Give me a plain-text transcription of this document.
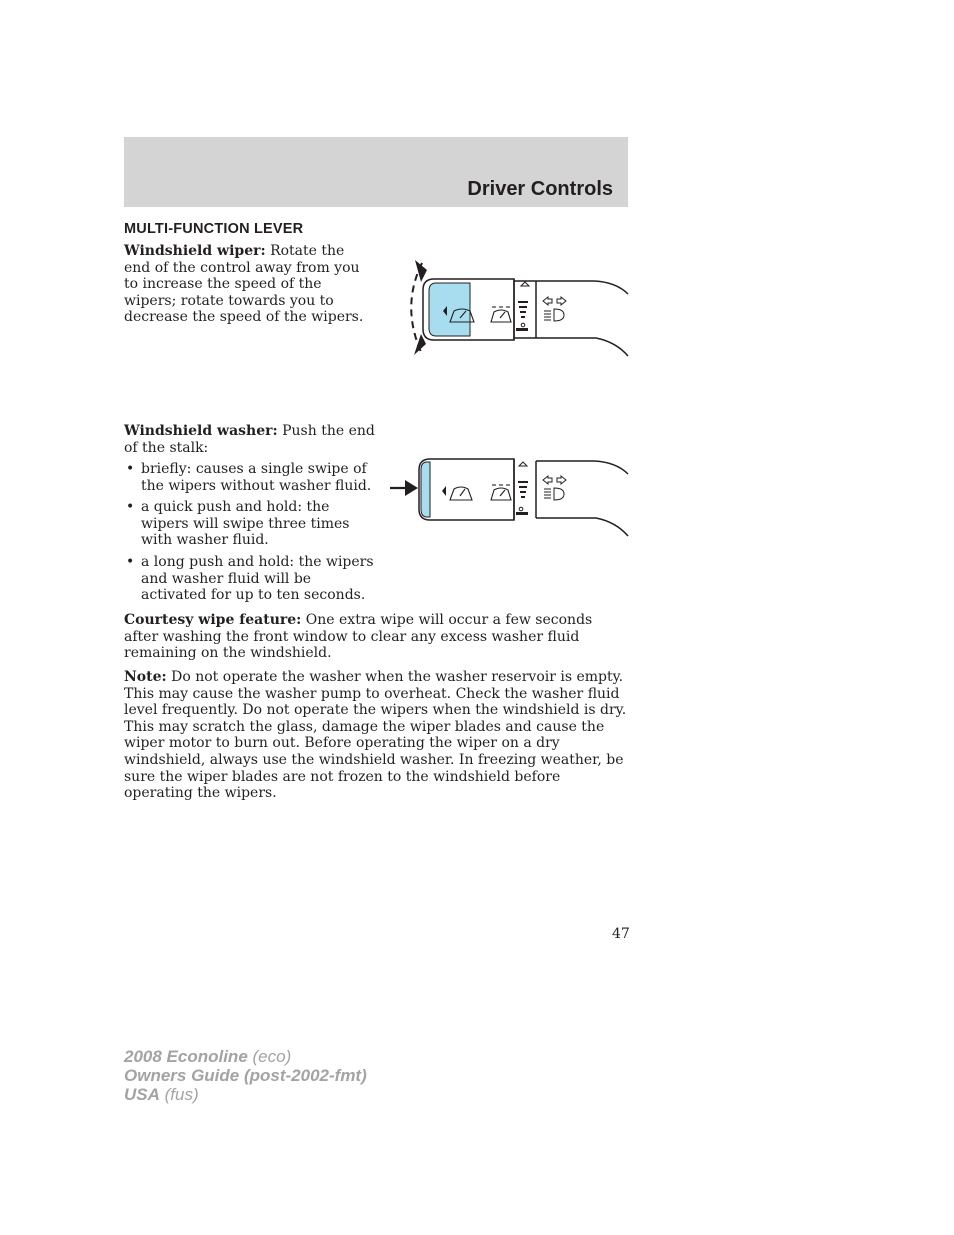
Driver Controls
MULTI-FUNCTION LEVER

Windshield wiper: Rotate the end of the control away from you to increase the speed of the wipers; rotate towards you to decrease the speed of the wipers.

Windshield washer: Push the end of the stalk:

• briefly: causes a single swipe of the wipers without washer fluid.
• a quick push and hold: the wipers will swipe three times with washer fluid.
• a long push and hold: the wipers and washer fluid will be activated for up to ten seconds.

Courtesy wipe feature: One extra wipe will occur a few seconds after washing the front window to clear any excess washer fluid remaining on the windshield.

Note: Do not operate the washer when the washer reservoir is empty. This may cause the washer pump to overheat. Check the washer fluid level frequently. Do not operate the wipers when the windshield is dry. This may scratch the glass, damage the wiper blades and cause the wiper motor to burn out. Before operating the wiper on a dry windshield, always use the windshield washer. In freezing weather, be sure the wiper blades are not frozen to the windshield before operating the wipers.

47
2008 Econoline (eco)
Owners Guide (post-2002-fmt)
USA (fus)
